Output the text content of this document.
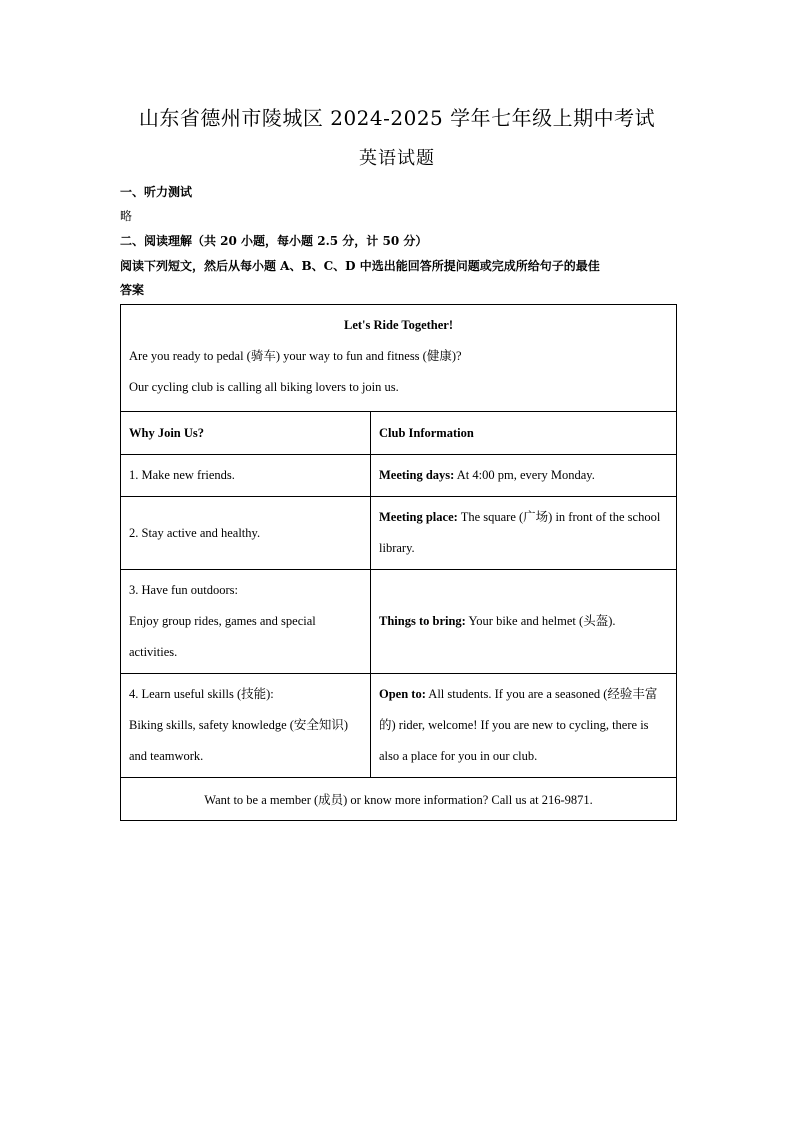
山东省德州市陵城区 2024-2025 学年七年级上期中考试
英语试题
一、听力测试
略
二、阅读理解（共 20 小题，每小题 2.5 分，计 50 分）
阅读下列短文，然后从每小题 A、B、C、D 中选出能回答所提问题或完成所给句子的最佳
答案
Let's Ride Together!
Are you ready to pedal (骑车) your way to fun and fitness (健康)?
Our cycling club is calling all biking lovers to join us.	

Why Join Us?	Club Information

1. Make new friends.	Meeting days: At 4:00 pm, every Monday.

2. Stay active and healthy.	Meeting place: The square (广场) in front of the school library.

3. Have fun outdoors:
Enjoy group rides, games and special activities.	Things to bring: Your bike and helmet (头盔).

4. Learn useful skills (技能):
Biking skills, safety knowledge (安全知识) and teamwork.	Open to: All students. If you are a seasoned (经验丰富的) rider, welcome! If you are new to cycling, there is also a place for you in our club.

Want to be a member (成员) or know more information? Call us at 216-9871.	
